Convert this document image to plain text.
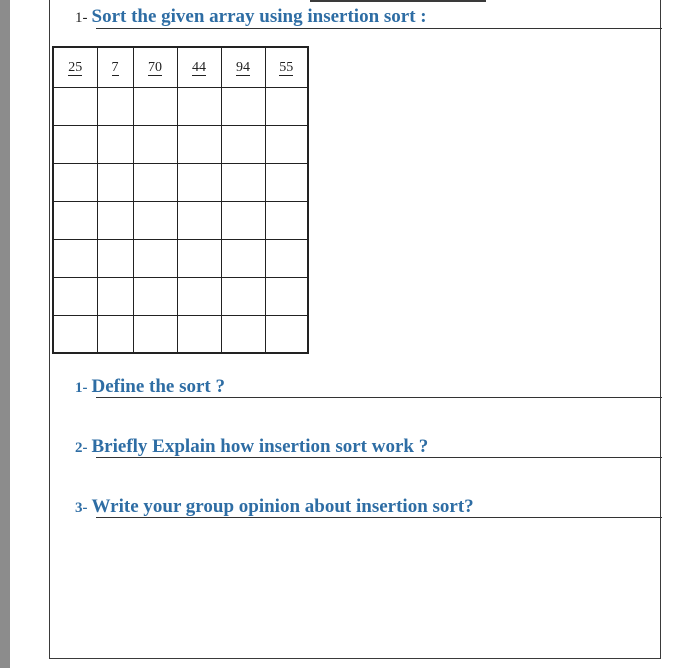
1- Sort the given array using insertion sort :
25	7	70	44	94	55

1- Define the sort ?
2- Briefly Explain how insertion sort work ?
3- Write your group opinion about insertion sort?
